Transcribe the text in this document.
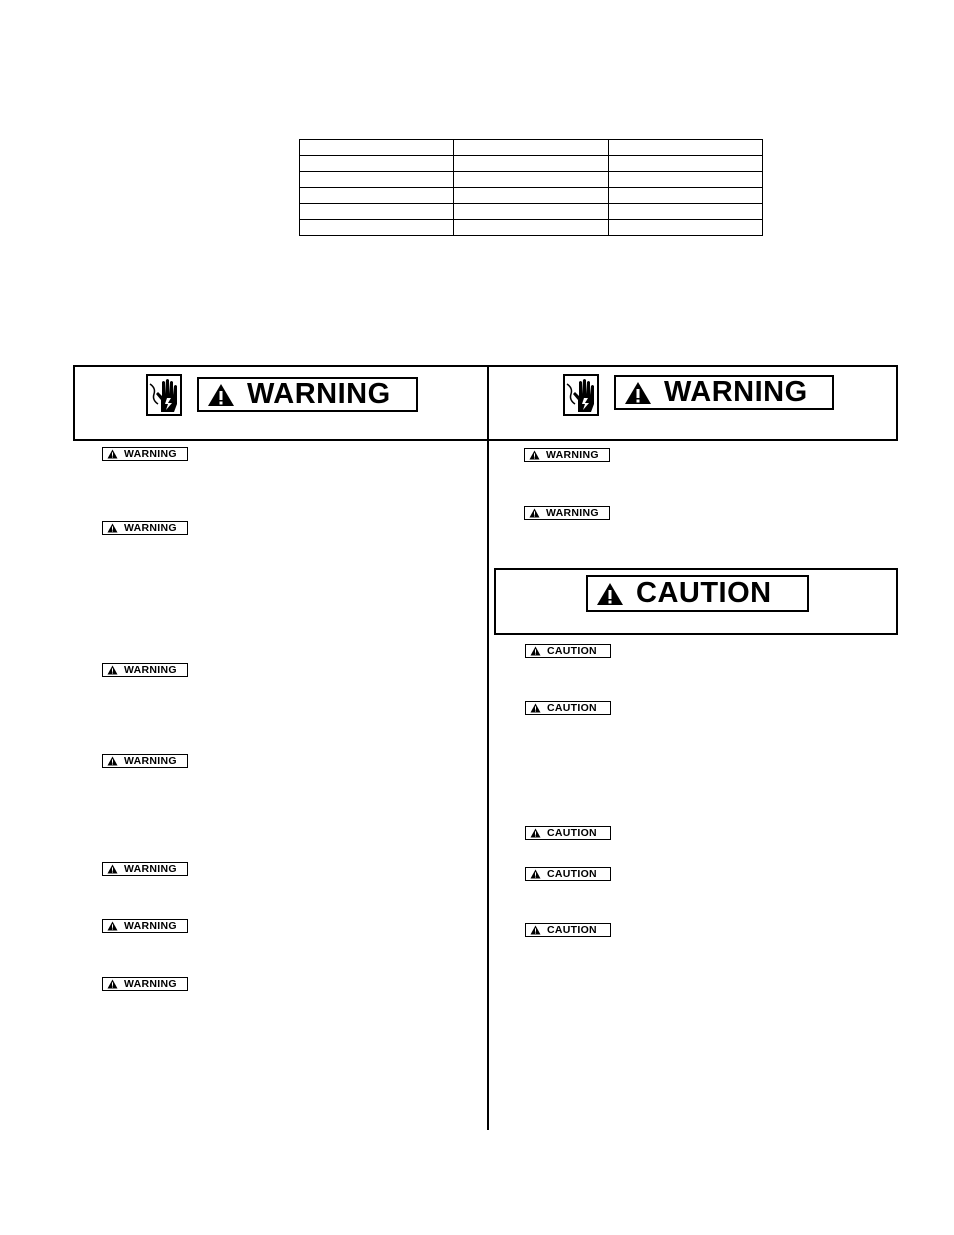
WARNING	WARNING
CAUTION
WARNING
WARNING
WARNING
WARNING
WARNING
WARNING
WARNING
WARNING
WARNING
CAUTION
CAUTION
CAUTION
CAUTION
CAUTION
